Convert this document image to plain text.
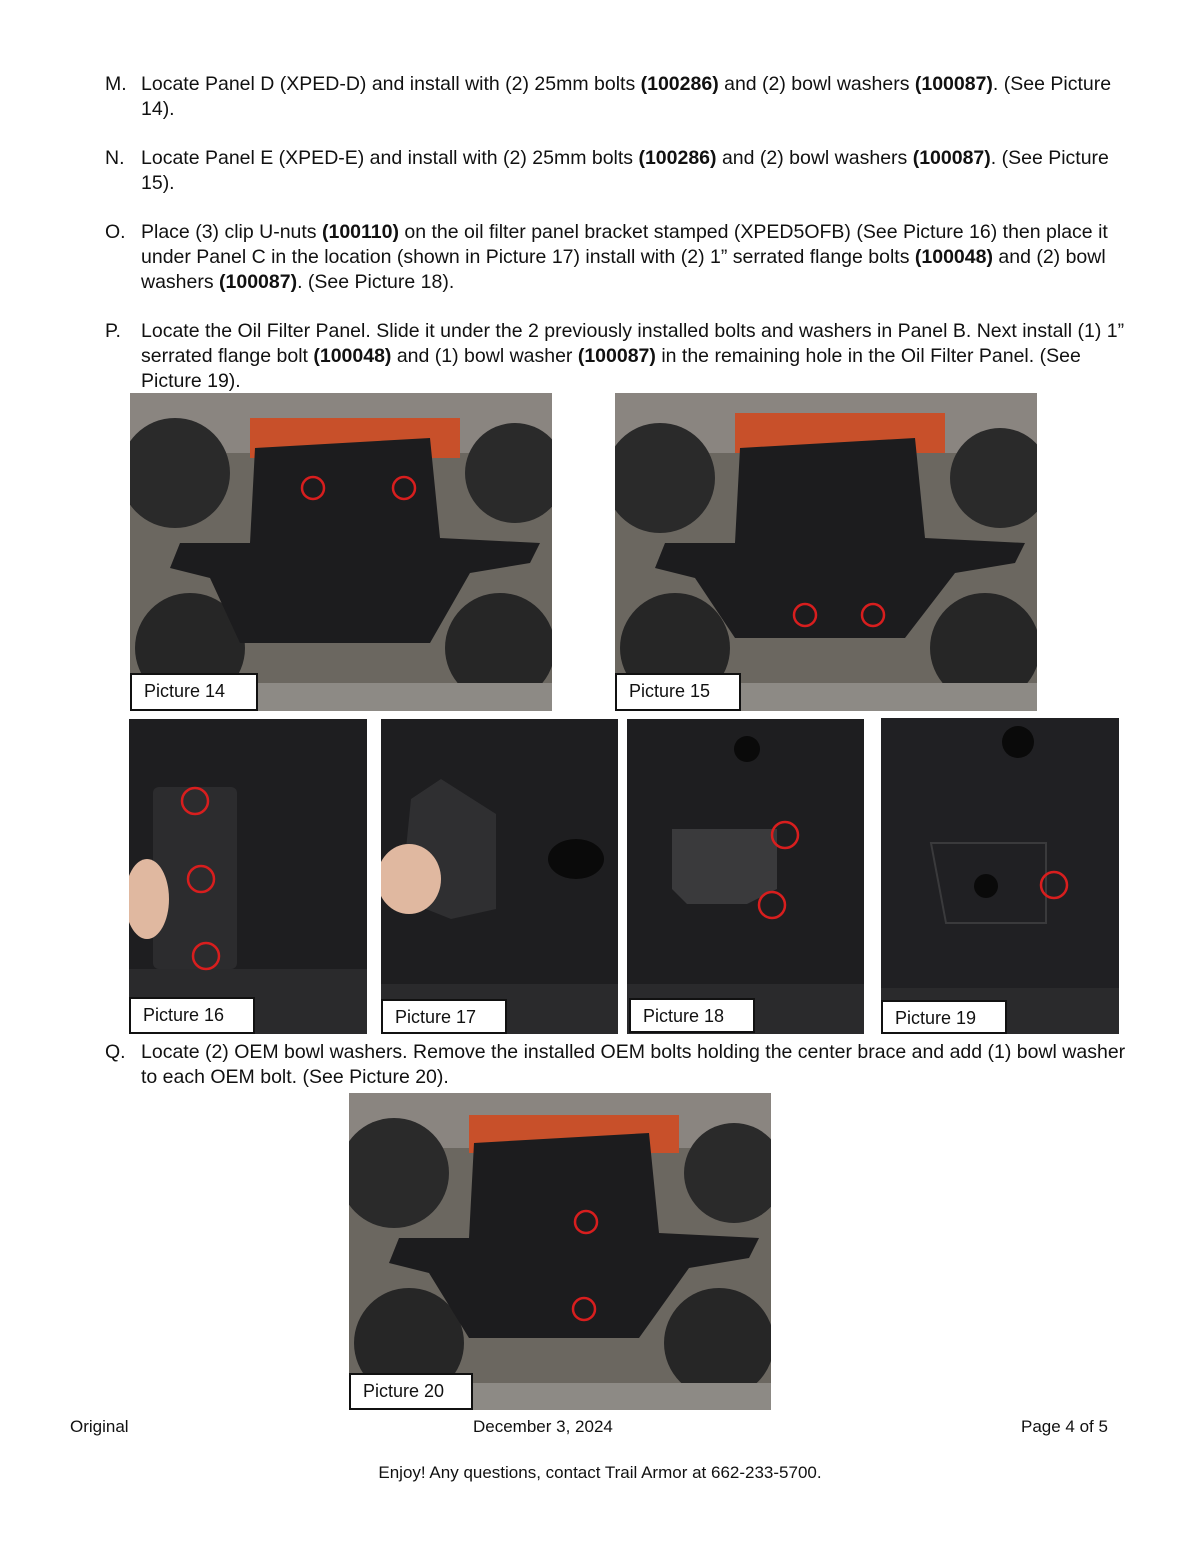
M. Locate Panel D (XPED-D) and install with (2) 25mm bolts (100286) and (2) bowl washers (100087). (See Picture 14).
N. Locate Panel E (XPED-E) and install with (2) 25mm bolts (100286) and (2) bowl washers (100087). (See Picture 15).
O. Place (3) clip U-nuts (100110) on the oil filter panel bracket stamped (XPED5OFB) (See Picture 16) then place it under Panel C in the location (shown in Picture 17) install with (2) 1” serrated flange bolts (100048) and (2) bowl washers (100087). (See Picture 18).
P.	Locate the Oil Filter Panel. Slide it under the 2 previously installed bolts and washers in Panel B. Next install (1) 1” serrated flange bolt (100048) and (1) bowl washer (100087) in the remaining hole in the Oil Filter Panel. (See Picture 19).
Q. Locate (2) OEM bowl washers. Remove the installed OEM bolts holding the center brace and add (1) bowl washer to each OEM bolt. (See Picture 20).
Picture 14	Picture 15
Picture 16	Picture 17	Picture 18	Picture 19
Picture 20
Original	December 3, 2024	Page 4 of 5
Enjoy! Any questions, contact Trail Armor at 662-233-5700.
